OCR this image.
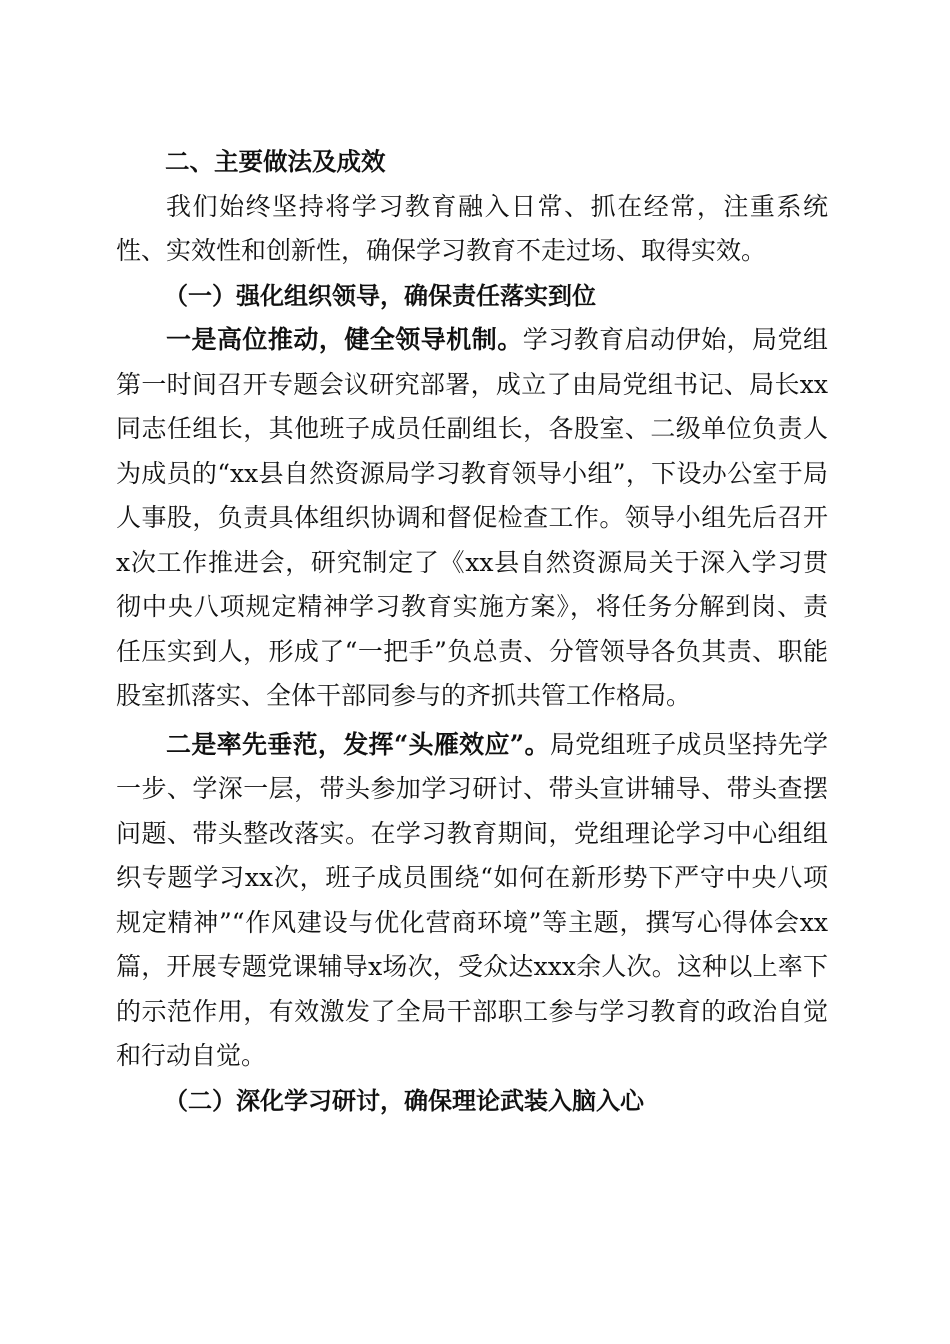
二、主要做法及成效

我们始终坚持将学习教育融入日常、抓在经常，注重系统性、实效性和创新性，确保学习教育不走过场、取得实效。

（一）强化组织领导，确保责任落实到位

一是高位推动，健全领导机制。学习教育启动伊始，局党组第一时间召开专题会议研究部署，成立了由局党组书记、局长xx同志任组长，其他班子成员任副组长，各股室、二级单位负责人为成员的“xx县自然资源局学习教育领导小组”，下设办公室于局人事股，负责具体组织协调和督促检查工作。领导小组先后召开x次工作推进会，研究制定了《xx县自然资源局关于深入学习贯彻中央八项规定精神学习教育实施方案》，将任务分解到岗、责任压实到人，形成了“一把手”负总责、分管领导各负其责、职能股室抓落实、全体干部同参与的齐抓共管工作格局。

二是率先垂范，发挥“头雁效应”。局党组班子成员坚持先学一步、学深一层，带头参加学习研讨、带头宣讲辅导、带头查摆问题、带头整改落实。在学习教育期间，党组理论学习中心组组织专题学习xx次，班子成员围绕“如何在新形势下严守中央八项规定精神”“作风建设与优化营商环境”等主题，撰写心得体会xx篇，开展专题党课辅导x场次，受众达xxx余人次。这种以上率下的示范作用，有效激发了全局干部职工参与学习教育的政治自觉和行动自觉。

（二）深化学习研讨，确保理论武装入脑入心
